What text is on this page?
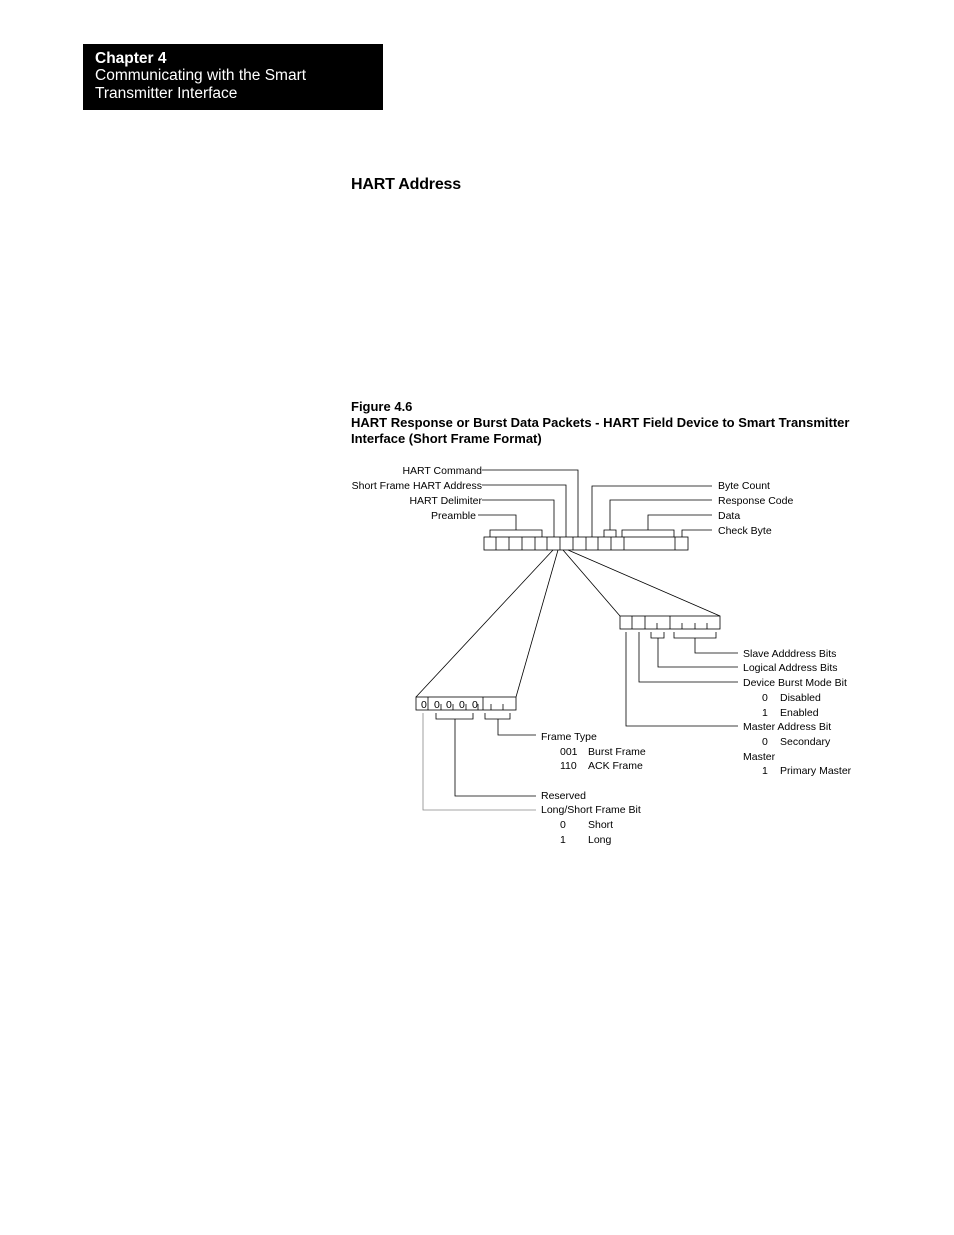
Chapter 4
Communicating with the Smart
Transmitter Interface
HART Address
Figure 4.6
HART Response or Burst Data Packets - HART Field Device to Smart Transmitter
Interface (Short Frame Format)
0 0 0 0 0
HART Command
Short Frame HART Address
HART Delimiter
Preamble
Byte Count
Response Code
Data
Check Byte
Frame Type
001 Burst Frame
110 ACK Frame
Reserved
Long/Short Frame Bit
0 Short
1 Long
Slave Adddress Bits
Logical Address Bits
Device Burst Mode Bit
0 Disabled
1 Enabled
Master Address Bit
0 Secondary
Master
1 Primary Master
